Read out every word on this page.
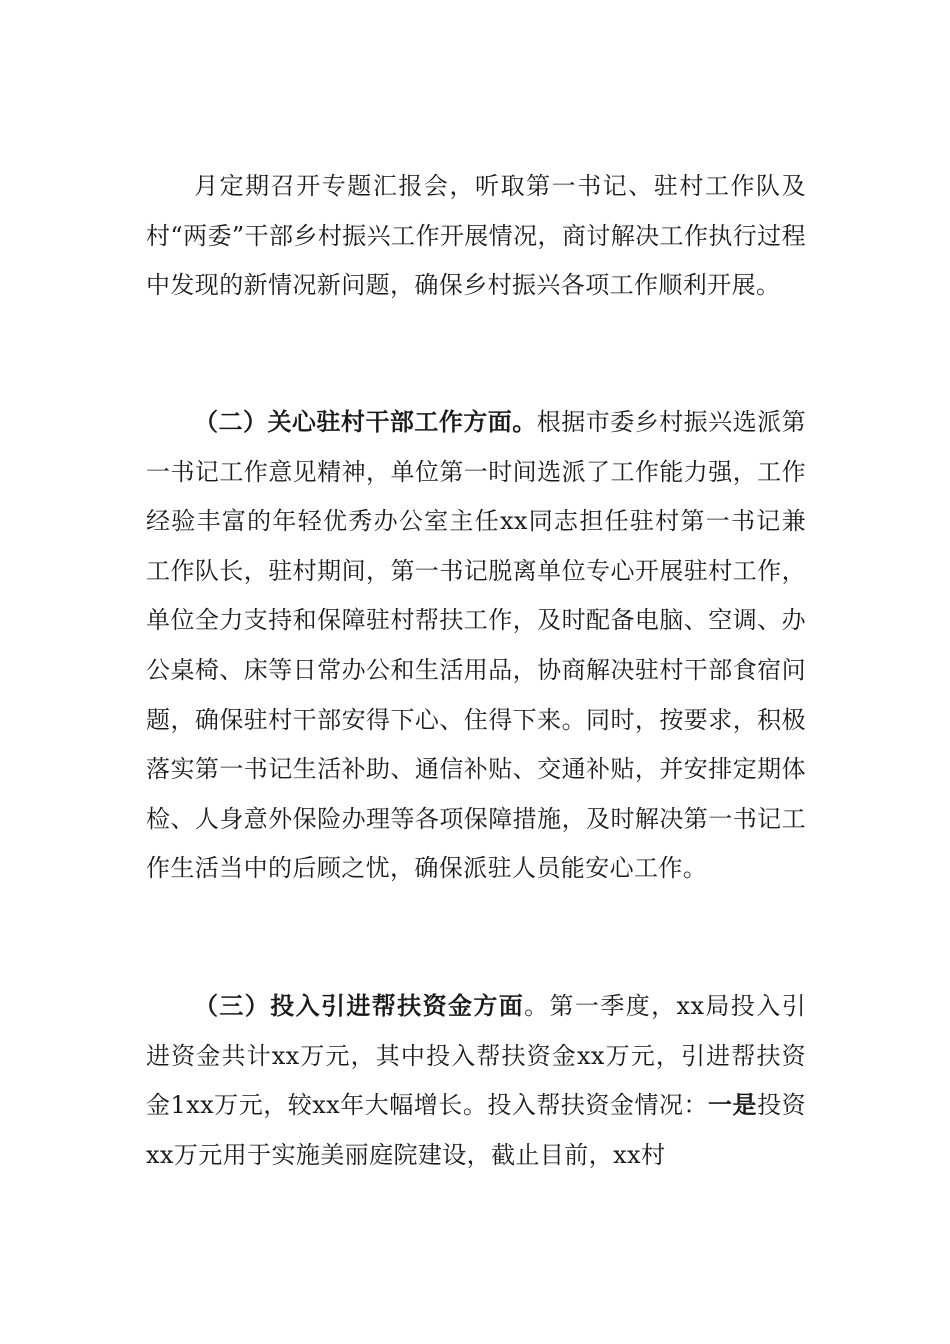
月定期召开专题汇报会，听取第一书记、驻村工作队及村“两委”干部乡村振兴工作开展情况，商讨解决工作执行过程中发现的新情况新问题，确保乡村振兴各项工作顺利开展。

（二）关心驻村干部工作方面。根据市委乡村振兴选派第一书记工作意见精神，单位第一时间选派了工作能力强，工作经验丰富的年轻优秀办公室主任xx同志担任驻村第一书记兼工作队长，驻村期间，第一书记脱离单位专心开展驻村工作，单位全力支持和保障驻村帮扶工作，及时配备电脑、空调、办公桌椅、床等日常办公和生活用品，协商解决驻村干部食宿问题，确保驻村干部安得下心、住得下来。同时，按要求，积极落实第一书记生活补助、通信补贴、交通补贴，并安排定期体检、人身意外保险办理等各项保障措施，及时解决第一书记工作生活当中的后顾之忧，确保派驻人员能安心工作。

（三）投入引进帮扶资金方面。第一季度，xx局投入引进资金共计xx万元，其中投入帮扶资金xx万元，引进帮扶资金1xx万元，较xx年大幅增长。投入帮扶资金情况：一是投资xx万元用于实施美丽庭院建设，截止目前，xx村
